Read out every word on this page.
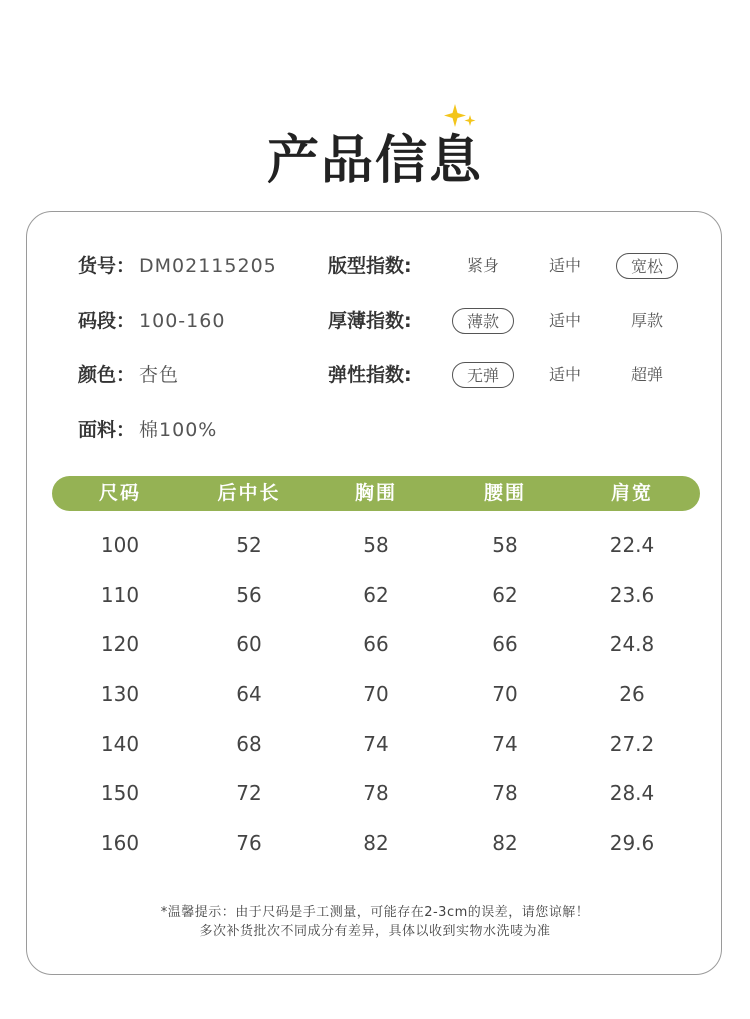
产品信息
货号： DM02115205
码段： 100-160
颜色： 杏色
面料： 棉100%
版型指数:	紧身	适中	宽松
厚薄指数:	薄款	适中	厚款
弹性指数:	无弹	适中	超弹
尺码	后中长	胸围	腰围	肩宽
100	52	58	58	22.4
110	56	62	62	23.6
120	60	66	66	24.8
130	64	70	70	26
140	68	74	74	27.2
150	72	78	78	28.4
160	76	82	82	29.6
*温馨提示：由于尺码是手工测量，可能存在2-3cm的误差，请您谅解！
多次补货批次不同成分有差异，具体以收到实物水洗唛为准
